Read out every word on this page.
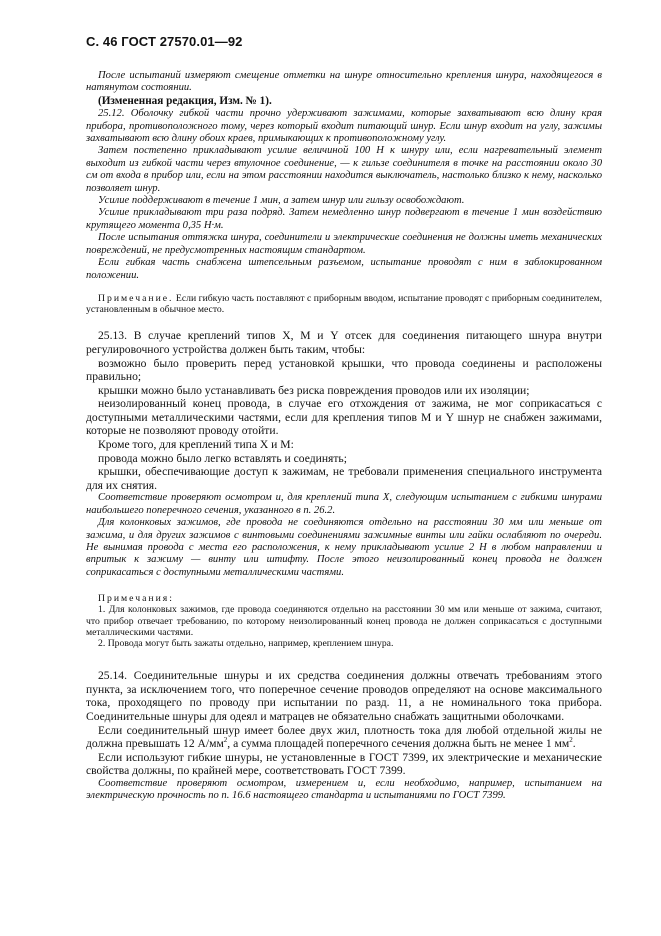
С. 46 ГОСТ 27570.01—92

После испытаний измеряют смещение отметки на шнуре относительно крепления шнура, находящегося в натянутом состоянии.

(Измененная редакция, Изм. № 1).

25.12. Оболочку гибкой части прочно удерживают зажимами, которые захватывают всю длину края прибора, противоположного тому, через который входит питающий шнур. Если шнур входит на углу, зажимы захватывают всю длину обоих краев, примыкающих к противоположному углу.

Затем постепенно прикладывают усилие величиной 100 Н к шнуру или, если нагревательный элемент выходит из гибкой части через втулочное соединение, — к гильзе соединителя в точке на расстоянии около 30 см от входа в прибор или, если на этом расстоянии находится выключатель, настолько близко к нему, насколько позволяет шнур.

Усилие поддерживают в течение 1 мин, а затем шнур или гильзу освобождают.

Усилие прикладывают три раза подряд. Затем немедленно шнур подвергают в течение 1 мин воздействию крутящего момента 0,35 Н·м.

После испытания оттяжка шнура, соединители и электрические соединения не должны иметь механических повреждений, не предусмотренных настоящим стандартом.

Если гибкая часть снабжена штепсельным разъемом, испытание проводят с ним в заблокированном положении.

Примечание. Если гибкую часть поставляют с приборным вводом, испытание проводят с приборным соединителем, установленным в обычное место.

25.13. В случае креплений типов X, M и Y отсек для соединения питающего шнура внутри регулировочного устройства должен быть таким, чтобы:

возможно было проверить перед установкой крышки, что провода соединены и расположены правильно;

крышки можно было устанавливать без риска повреждения проводов или их изоляции;

неизолированный конец провода, в случае его отхождения от зажима, не мог соприкасаться с доступными металлическими частями, если для крепления типов M и Y шнур не снабжен зажимами, которые не позволяют проводу отойти.

Кроме того, для креплений типа X и M:

провода можно было легко вставлять и соединять;

крышки, обеспечивающие доступ к зажимам, не требовали применения специального инструмента для их снятия.

Соответствие проверяют осмотром и, для креплений типа X, следующим испытанием с гибкими шнурами наибольшего поперечного сечения, указанного в п. 26.2.

Для колонковых зажимов, где провода не соединяются отдельно на расстоянии 30 мм или меньше от зажима, и для других зажимов с винтовыми соединениями зажимные винты или гайки ослабляют по очереди. Не вынимая провода с места его расположения, к нему прикладывают усилие 2 Н в любом направлении и впритык к зажиму — винту или штифту. После этого неизолированный конец провода не должен соприкасаться с доступными металлическими частями.

Примечания:

1. Для колонковых зажимов, где провода соединяются отдельно на расстоянии 30 мм или меньше от зажима, считают, что прибор отвечает требованию, по которому неизолированный конец провода не должен соприкасаться с доступными металлическими частями.

2. Провода могут быть зажаты отдельно, например, креплением шнура.

25.14. Соединительные шнуры и их средства соединения должны отвечать требованиям этого пункта, за исключением того, что поперечное сечение проводов определяют на основе максимального тока, проходящего по проводу при испытании по разд. 11, а не номинального тока прибора. Соединительные шнуры для одеял и матрацев не обязательно снабжать защитными оболочками.

Если соединительный шнур имеет более двух жил, плотность тока для любой отдельной жилы не должна превышать 12 $А/мм^2$, а сумма площадей поперечного сечения должна быть не менее 1 $мм^2$.

Если используют гибкие шнуры, не установленные в ГОСТ 7399, их электрические и механические свойства должны, по крайней мере, соответствовать ГОСТ 7399.

Соответствие проверяют осмотром, измерением и, если необходимо, например, испытанием на электрическую прочность по п. 16.6 настоящего стандарта и испытаниями по ГОСТ 7399.
